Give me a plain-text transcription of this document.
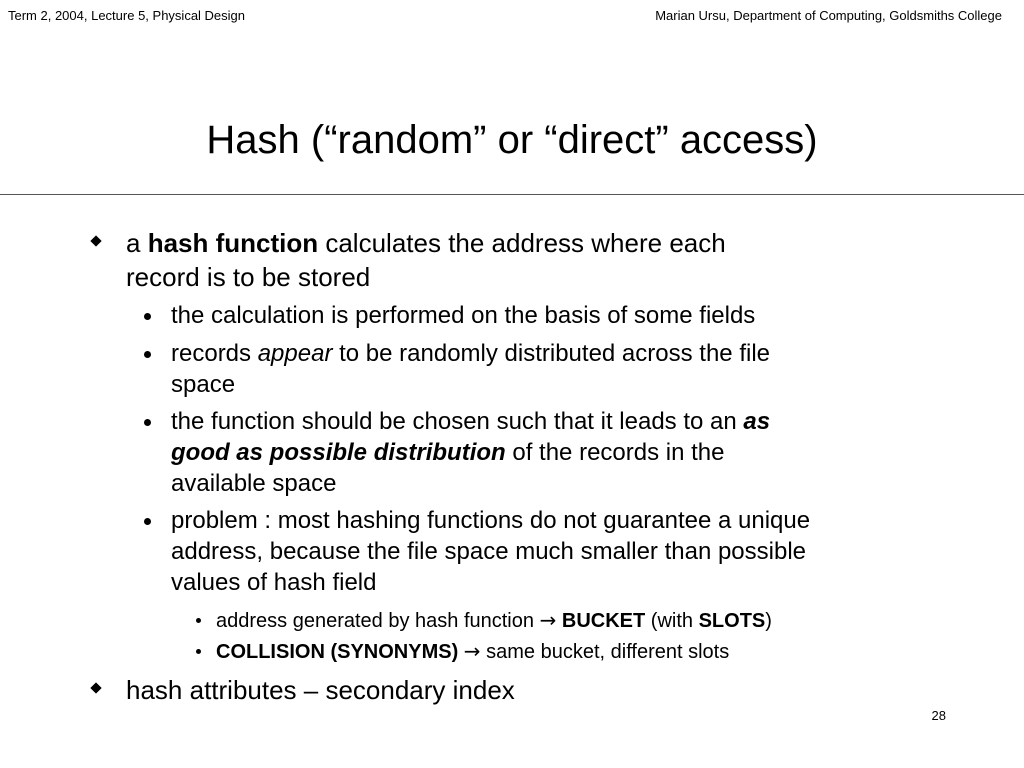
Term 2, 2004, Lecture 5, Physical Design	Marian Ursu, Department of Computing, Goldsmiths College
Hash (“random” or “direct” access)
a hash function calculates the address where each
record is to be stored
the calculation is performed on the basis of some fields
records appear to be randomly distributed across the file
space
the function should be chosen such that it leads to an as
good as possible distribution of the records in the
available space
problem : most hashing functions do not guarantee a unique
address, because the file space much smaller than possible
values of hash field
address generated by hash function → BUCKET (with SLOTS)
COLLISION (SYNONYMS) → same bucket, different slots
hash attributes – secondary index
28
